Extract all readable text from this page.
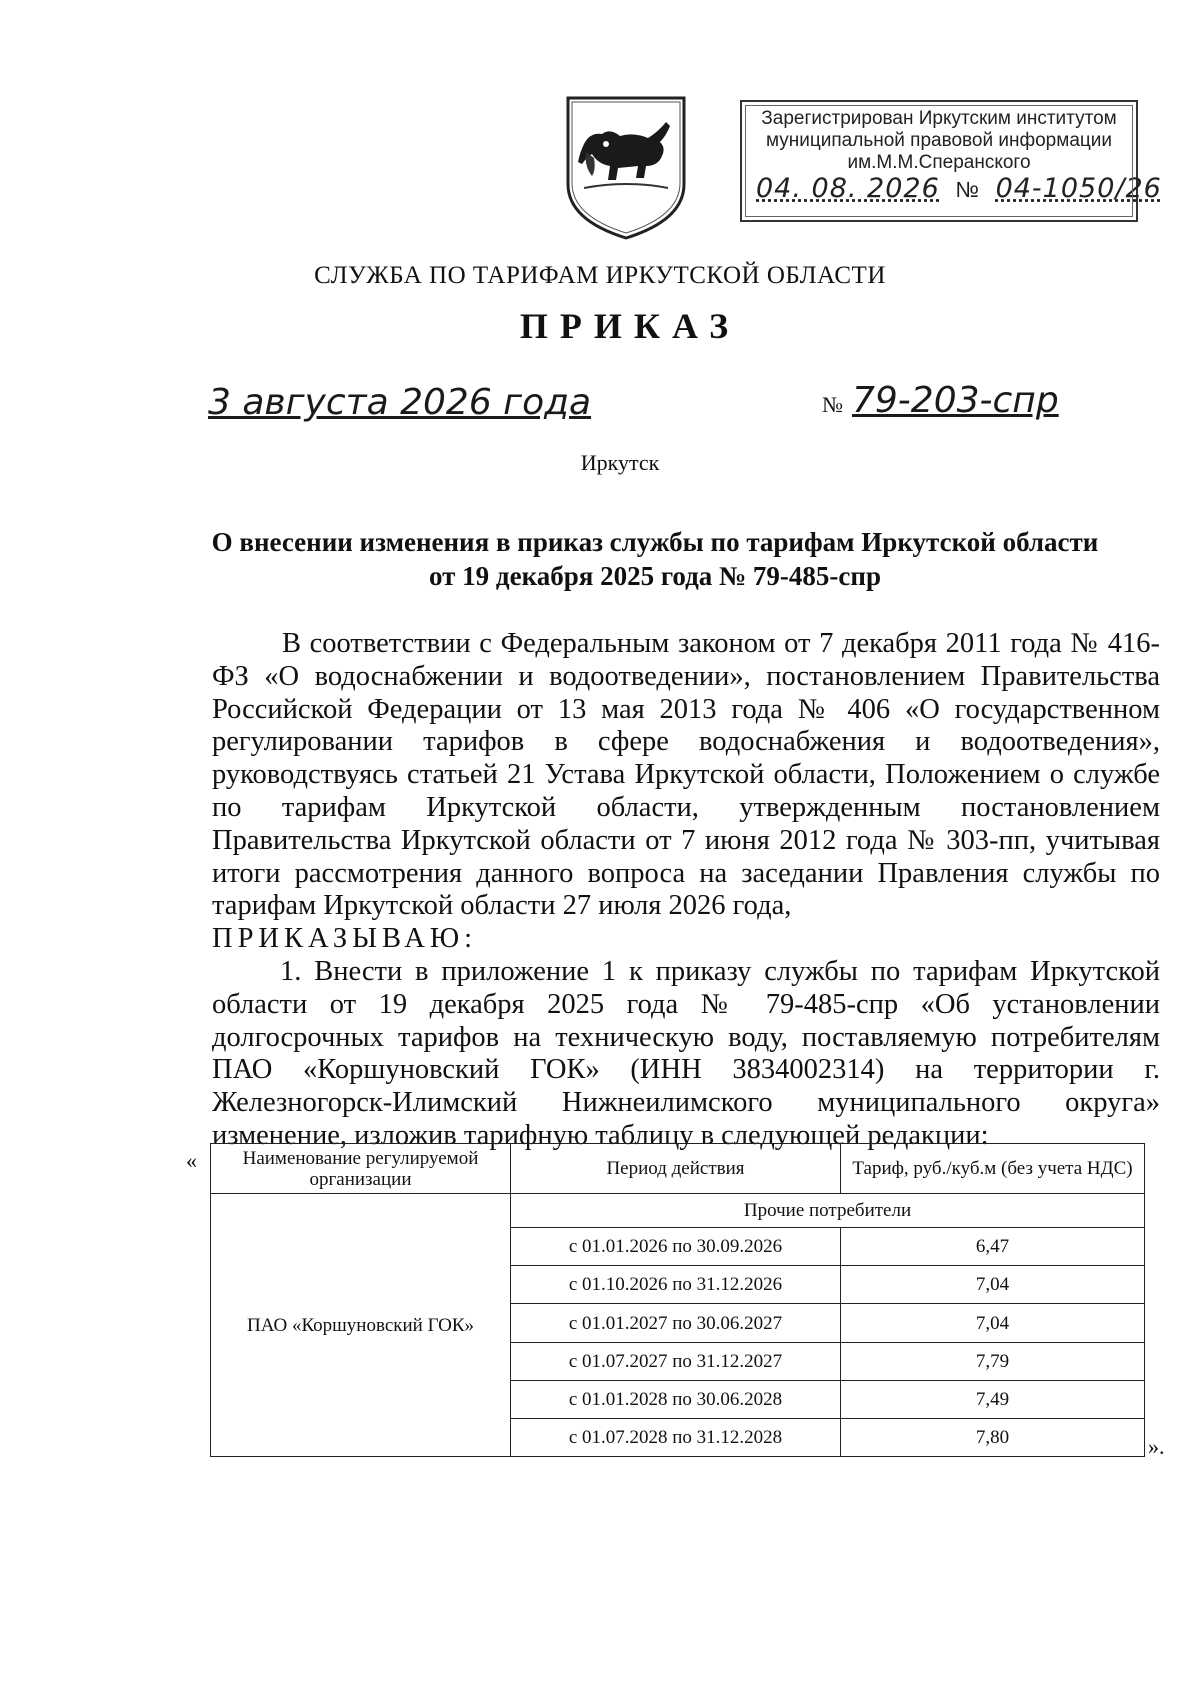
Зарегистрирован Иркутским институтом
муниципальной правовой информации
им.М.М.Сперанского
04. 08. 2026 № 04-1050/26
СЛУЖБА ПО ТАРИФАМ ИРКУТСКОЙ ОБЛАСТИ
ПРИКАЗ
3 августа 2026 года	№ 79-203-спр
Иркутск
О внесении изменения в приказ службы по тарифам Иркутской области
от 19 декабря 2025 года № 79-485-спр

В соответствии с Федеральным законом от 7 декабря 2011 года № 416-ФЗ «О водоснабжении и водоотведении», постановлением Правительства Российской Федерации от 13 мая 2013 года № 406 «О государственном регулировании тарифов в сфере водоснабжения и водоотведения», руководствуясь статьей 21 Устава Иркутской области, Положением о службе по тарифам Иркутской области, утвержденным постановлением Правительства Иркутской области от 7 июня 2012 года № 303-пп, учитывая итоги рассмотрения данного вопроса на заседании Правления службы по тарифам Иркутской области 27 июля 2026 года,

ПРИКАЗЫВАЮ:

1. Внести в приложение 1 к приказу службы по тарифам Иркутской области от 19 декабря 2025 года № 79-485-спр «Об установлении долгосрочных тарифов на техническую воду, поставляемую потребителям ПАО «Коршуновский ГОК» (ИНН 3834002314) на территории г. Железногорск-Илимский Нижнеилимского муниципального округа» изменение, изложив тарифную таблицу в следующей редакции:

« Наименование регулируемой организации	Период действия	Тариф, руб./куб.м (без учета НДС)
ПАО «Коршуновский ГОК»	Прочие потребители	
	с 01.01.2026 по 30.09.2026	6,47
	с 01.10.2026 по 31.12.2026	7,04
	с 01.01.2027 по 30.06.2027	7,04
	с 01.07.2027 по 31.12.2027	7,79
	с 01.01.2028 по 30.06.2028	7,49
	с 01.07.2028 по 31.12.2028	7,80	».
